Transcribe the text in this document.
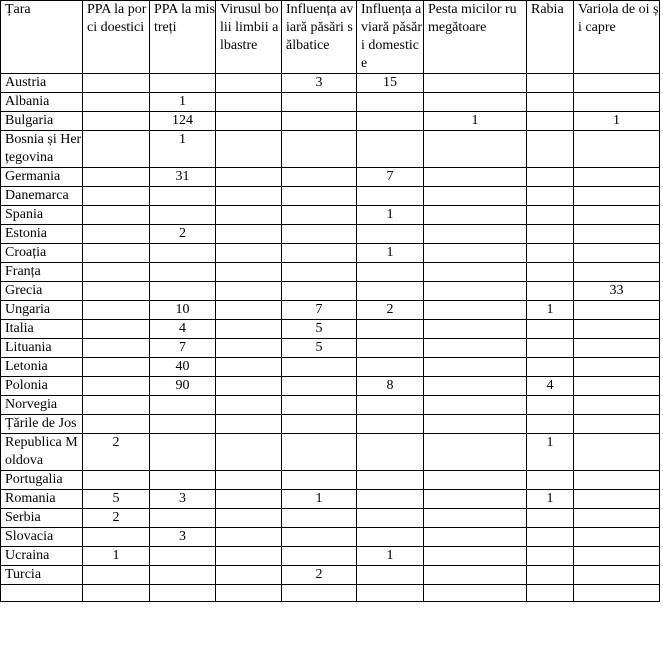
Țara	PPA la porci doestici	PPA la mistreți	Virusul bolii limbii albastre	Influența aviară păsări sălbatice	Influența aviară păsări domestice	Pesta micilor rumegătoare	Rabia	Variola de oi și capre
Austria				3	15			
Albania		1						
Bulgaria		124				1		1
Bosnia și Herțegovina		1						
Germania		31			7			
Danemarca								
Spania					1			
Estonia		2						
Croația					1			
Franța								
Grecia								33
Ungaria		10		7	2		1	
Italia		4		5				
Lituania		7		5				
Letonia		40						
Polonia		90			8		4	
Norvegia								
Țările de Jos								
Republica Moldova	2						1	
Portugalia								
Romania	5	3		1			1	
Serbia	2							
Slovacia		3						
Ucraina	1				1			
Turcia				2				
